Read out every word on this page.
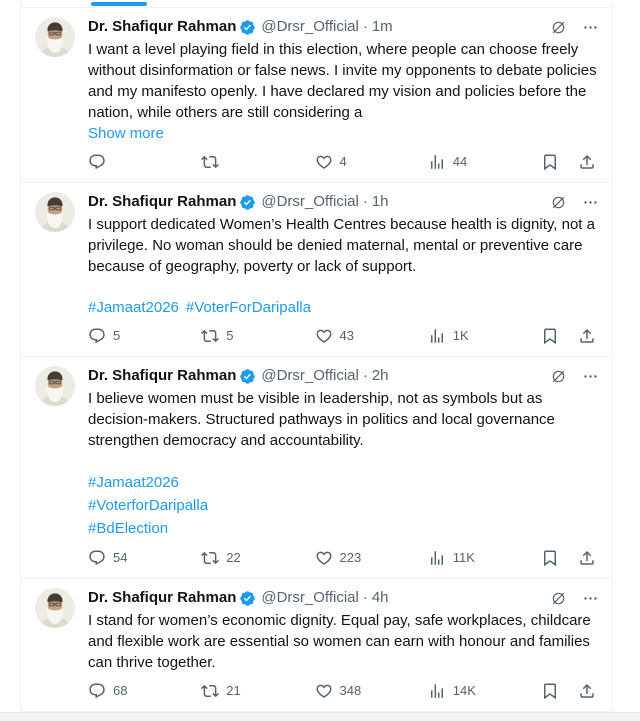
Dr. Shafiqur Rahman @Drsr_Official · 1m
I want a level playing field in this election, where people can choose freely without disinformation or false news. I invite my opponents to debate policies and my manifesto openly. I have declared my vision and policies before the nation, while others are still considering a
Show more
4	44
Dr. Shafiqur Rahman @Drsr_Official · 1h
I support dedicated Women’s Health Centres because health is dignity, not a privilege. No woman should be denied maternal, mental or preventive care because of geography, poverty or lack of support.
#Jamaat2026 #VoterForDaripalla
5	5	43	1K
Dr. Shafiqur Rahman @Drsr_Official · 2h
I believe women must be visible in leadership, not as symbols but as decision-makers. Structured pathways in politics and local governance strengthen democracy and accountability.
#Jamaat2026
#VoterforDaripalla
#BdElection
54	22	223	11K
Dr. Shafiqur Rahman @Drsr_Official · 4h
I stand for women’s economic dignity. Equal pay, safe workplaces, childcare and flexible work are essential so women can earn with honour and families can thrive together.
68	21	348	14K
